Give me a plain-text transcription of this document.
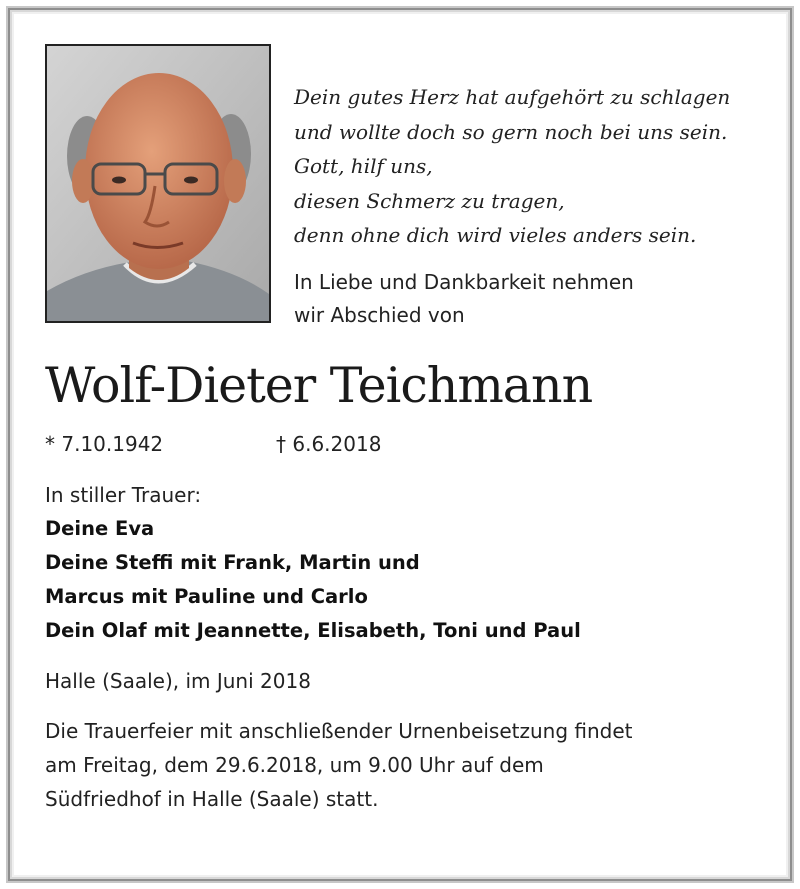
Dein gutes Herz hat aufgehört zu schlagen
und wollte doch so gern noch bei uns sein.
Gott, hilf uns,
diesen Schmerz zu tragen,
denn ohne dich wird vieles anders sein.
In Liebe und Dankbarkeit nehmen
wir Abschied von
Wolf-Dieter Teichmann
* 7.10.1942	† 6.6.2018
In stiller Trauer:
Deine Eva
Deine Steffi mit Frank, Martin und
Marcus mit Pauline und Carlo
Dein Olaf mit Jeannette, Elisabeth, Toni und Paul
Halle (Saale), im Juni 2018
Die Trauerfeier mit anschließender Urnenbeisetzung findet
am Freitag, dem 29.6.2018, um 9.00 Uhr auf dem
Südfriedhof in Halle (Saale) statt.
